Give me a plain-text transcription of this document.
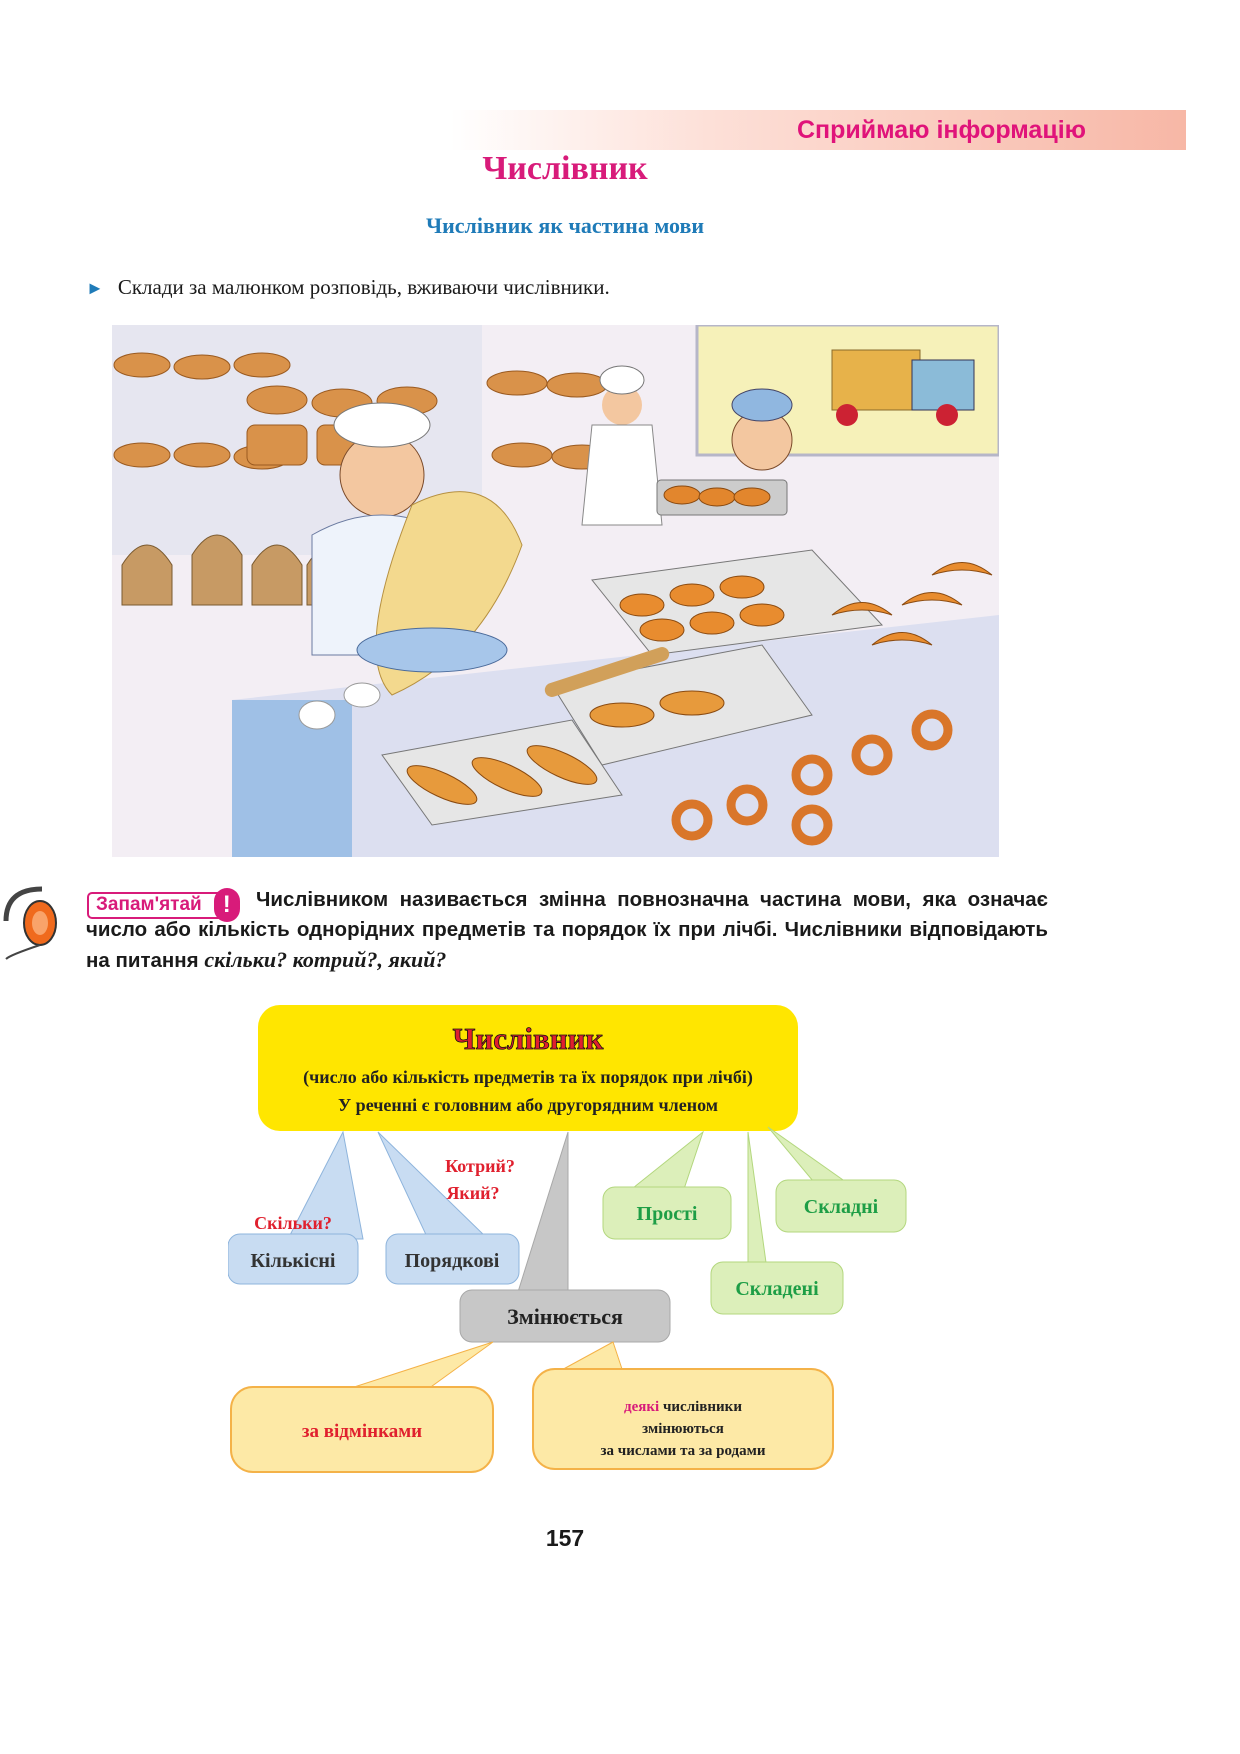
Сприймаю інформацію
Числівник
Числівник як частина мови
► Склади за малюнком розповідь, вживаючи числівники.
Запам'ятай !	Числівником називається змінна повнозначна частина мови, яка означає число або кількість однорідних предметів та порядок їх при лічбі. Числівники відповідають на питання скільки? котрий?, який?
Числівник
(число або кількість предметів та їх порядок при лічбі)
У реченні є головним або другорядним членом
Кількісні	Порядкові
Скільки?
Котрий?
Який?
Прості	Складні
Складені
Змінюється
за відмінками
деякі числівники
змінюються
за числами та за родами
157
